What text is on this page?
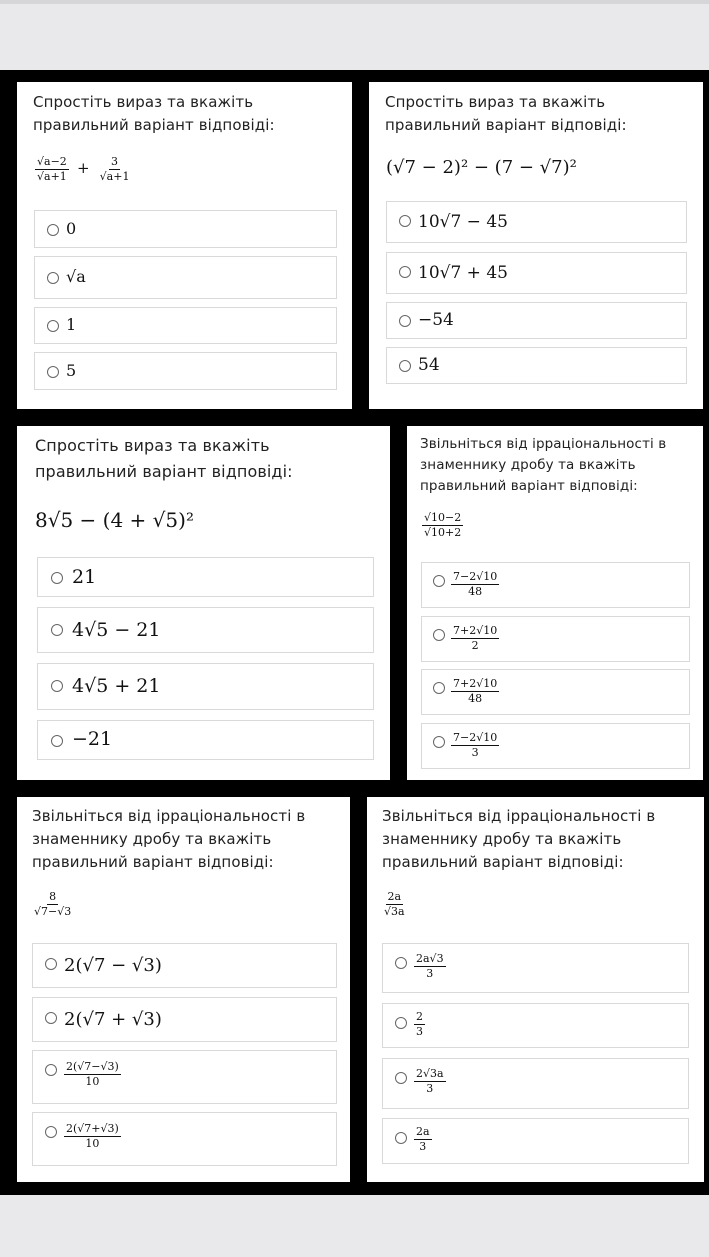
Спростіть вираз та вкажіть правильний варіант відповіді:
$\frac{√a-2}{√a+1} + \frac{3}{√a+1}$
0
√a
1
5
Спростіть вираз та вкажіть правильний варіант відповіді:
(√7 − 2)² − (7 − √7)²
10√7 − 45
10√7 + 45
−54
54
Спростіть вираз та вкажіть правильний варіант відповіді:
8√5 − (4 + √5)²
21
4√5 − 21
4√5 + 21
−21
Звільніться від ірраціональності в знаменнику дробу та вкажіть правильний варіант відповіді:
$\frac{√10-2}{√10+2}$
$\frac{7-2√10}{48}$
$\frac{7+2√10}{2}$
$\frac{7+2√10}{48}$
$\frac{7-2√10}{3}$
Звільніться від ірраціональності в знаменнику дробу та вкажіть правильний варіант відповіді:
$\frac{8}{√7-√3}$
2(√7 − √3)
2(√7 + √3)
$\frac{2(√7-√3)}{10}$
$\frac{2(√7+√3)}{10}$
Звільніться від ірраціональності в знаменнику дробу та вкажіть правильний варіант відповіді:
$\frac{2a}{√3a}$
$\frac{2a√3}{3}$
$\frac{2}{3}$
$\frac{2√3a}{3}$
$\frac{2a}{3}$
